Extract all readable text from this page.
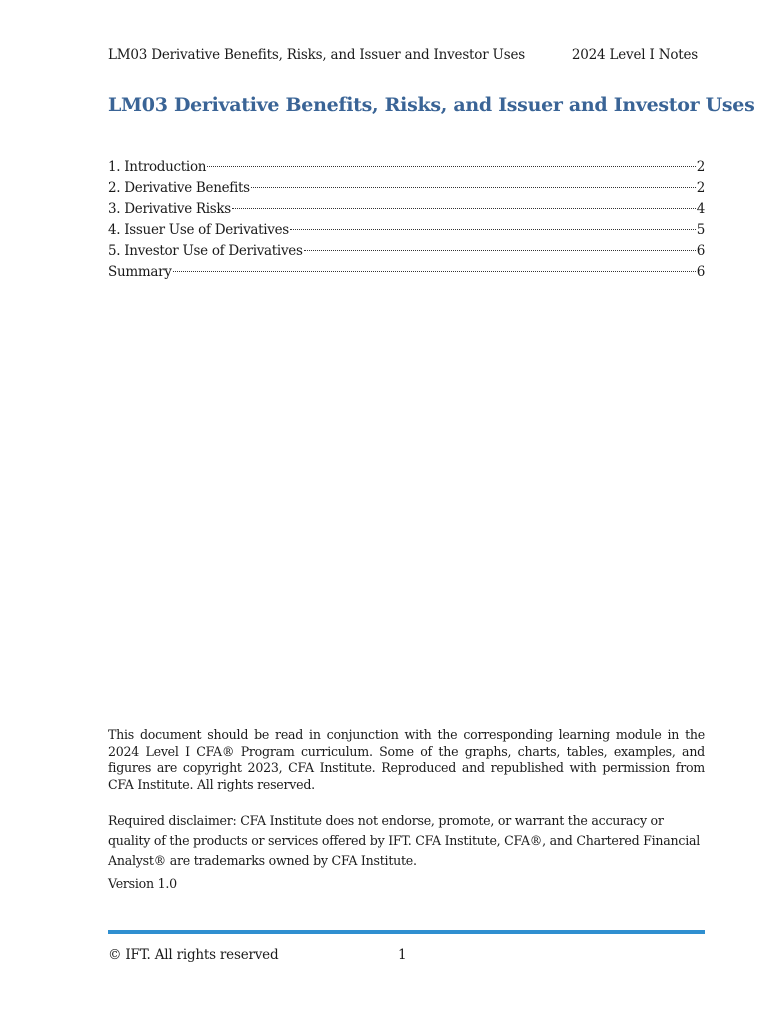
LM03 Derivative Benefits, Risks, and Issuer and Investor Uses	2024 Level I Notes
LM03 Derivative Benefits, Risks, and Issuer and Investor Uses
1. Introduction	2
2. Derivative Benefits	2
3. Derivative Risks	4
4. Issuer Use of Derivatives	5
5. Investor Use of Derivatives	6
Summary	6

This document should be read in conjunction with the corresponding learning module in the 2024 Level I CFA® Program curriculum. Some of the graphs, charts, tables, examples, and figures are copyright 2023, CFA Institute. Reproduced and republished with permission from CFA Institute. All rights reserved.

Required disclaimer: CFA Institute does not endorse, promote, or warrant the accuracy or quality of the products or services offered by IFT. CFA Institute, CFA®, and Chartered Financial Analyst® are trademarks owned by CFA Institute.

Version 1.0

© IFT. All rights reserved	1
